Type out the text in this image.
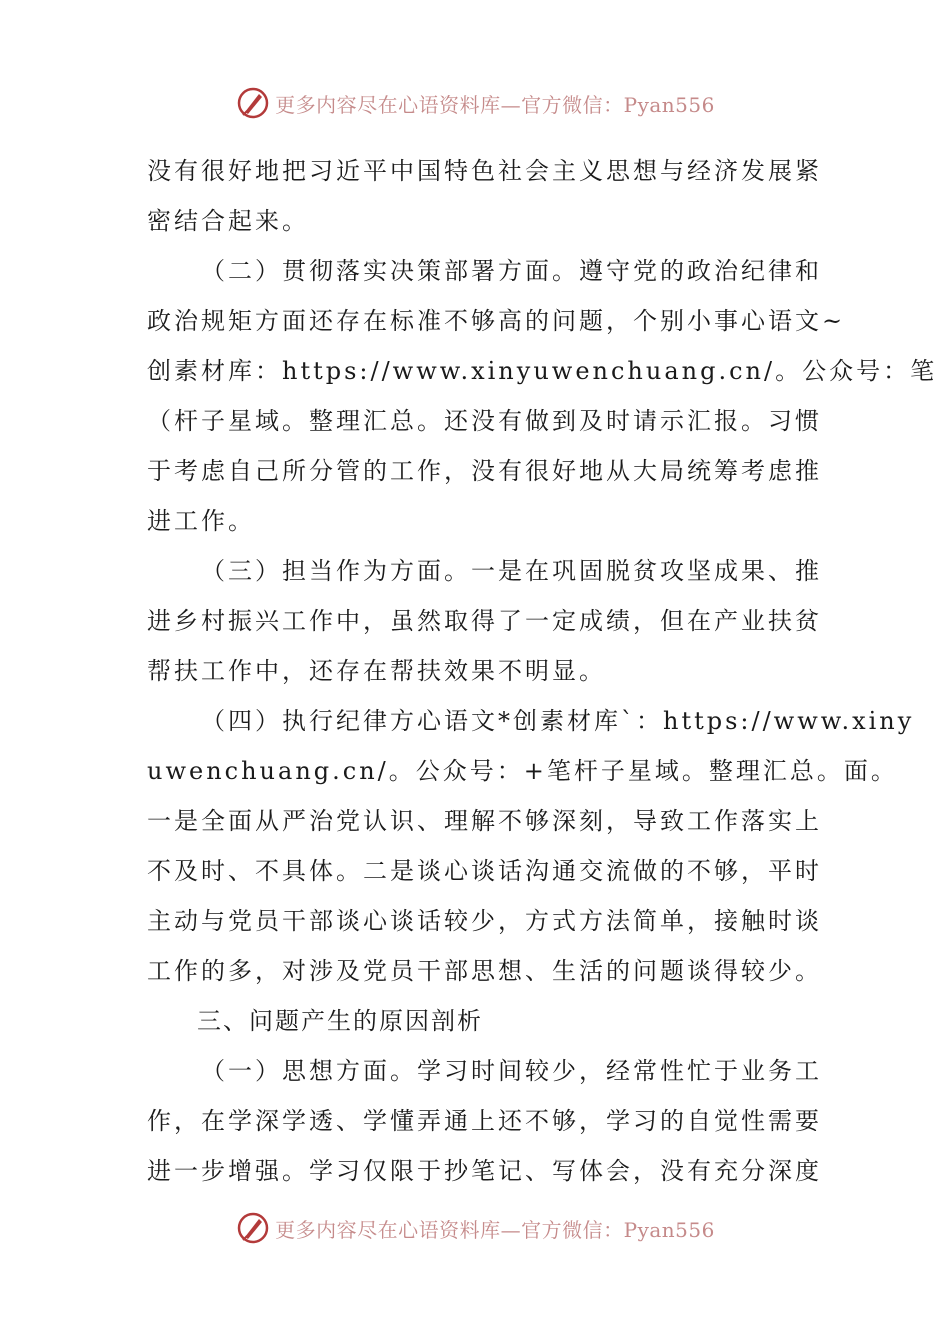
更多内容尽在心语资料库—官方微信：Pyan556
没有很好地把习近平中国特色社会主义思想与经济发展紧
密结合起来。
（二）贯彻落实决策部署方面。遵守党的政治纪律和
政治规矩方面还存在标准不够高的问题，个别小事心语文~
创素材库：https://www.xinyuwenchuang.cn/。公众号：笔
（杆子星域。整理汇总。还没有做到及时请示汇报。习惯
于考虑自己所分管的工作，没有很好地从大局统筹考虑推
进工作。
（三）担当作为方面。一是在巩固脱贫攻坚成果、推
进乡村振兴工作中，虽然取得了一定成绩，但在产业扶贫
帮扶工作中，还存在帮扶效果不明显。
（四）执行纪律方心语文*创素材库`：https://www.xiny
uwenchuang.cn/。公众号：+笔杆子星域。整理汇总。面。
一是全面从严治党认识、理解不够深刻，导致工作落实上
不及时、不具体。二是谈心谈话沟通交流做的不够，平时
主动与党员干部谈心谈话较少，方式方法简单，接触时谈
工作的多，对涉及党员干部思想、生活的问题谈得较少。
三、问题产生的原因剖析
（一）思想方面。学习时间较少，经常性忙于业务工
作，在学深学透、学懂弄通上还不够，学习的自觉性需要
进一步增强。学习仅限于抄笔记、写体会，没有充分深度
更多内容尽在心语资料库—官方微信：Pyan556
